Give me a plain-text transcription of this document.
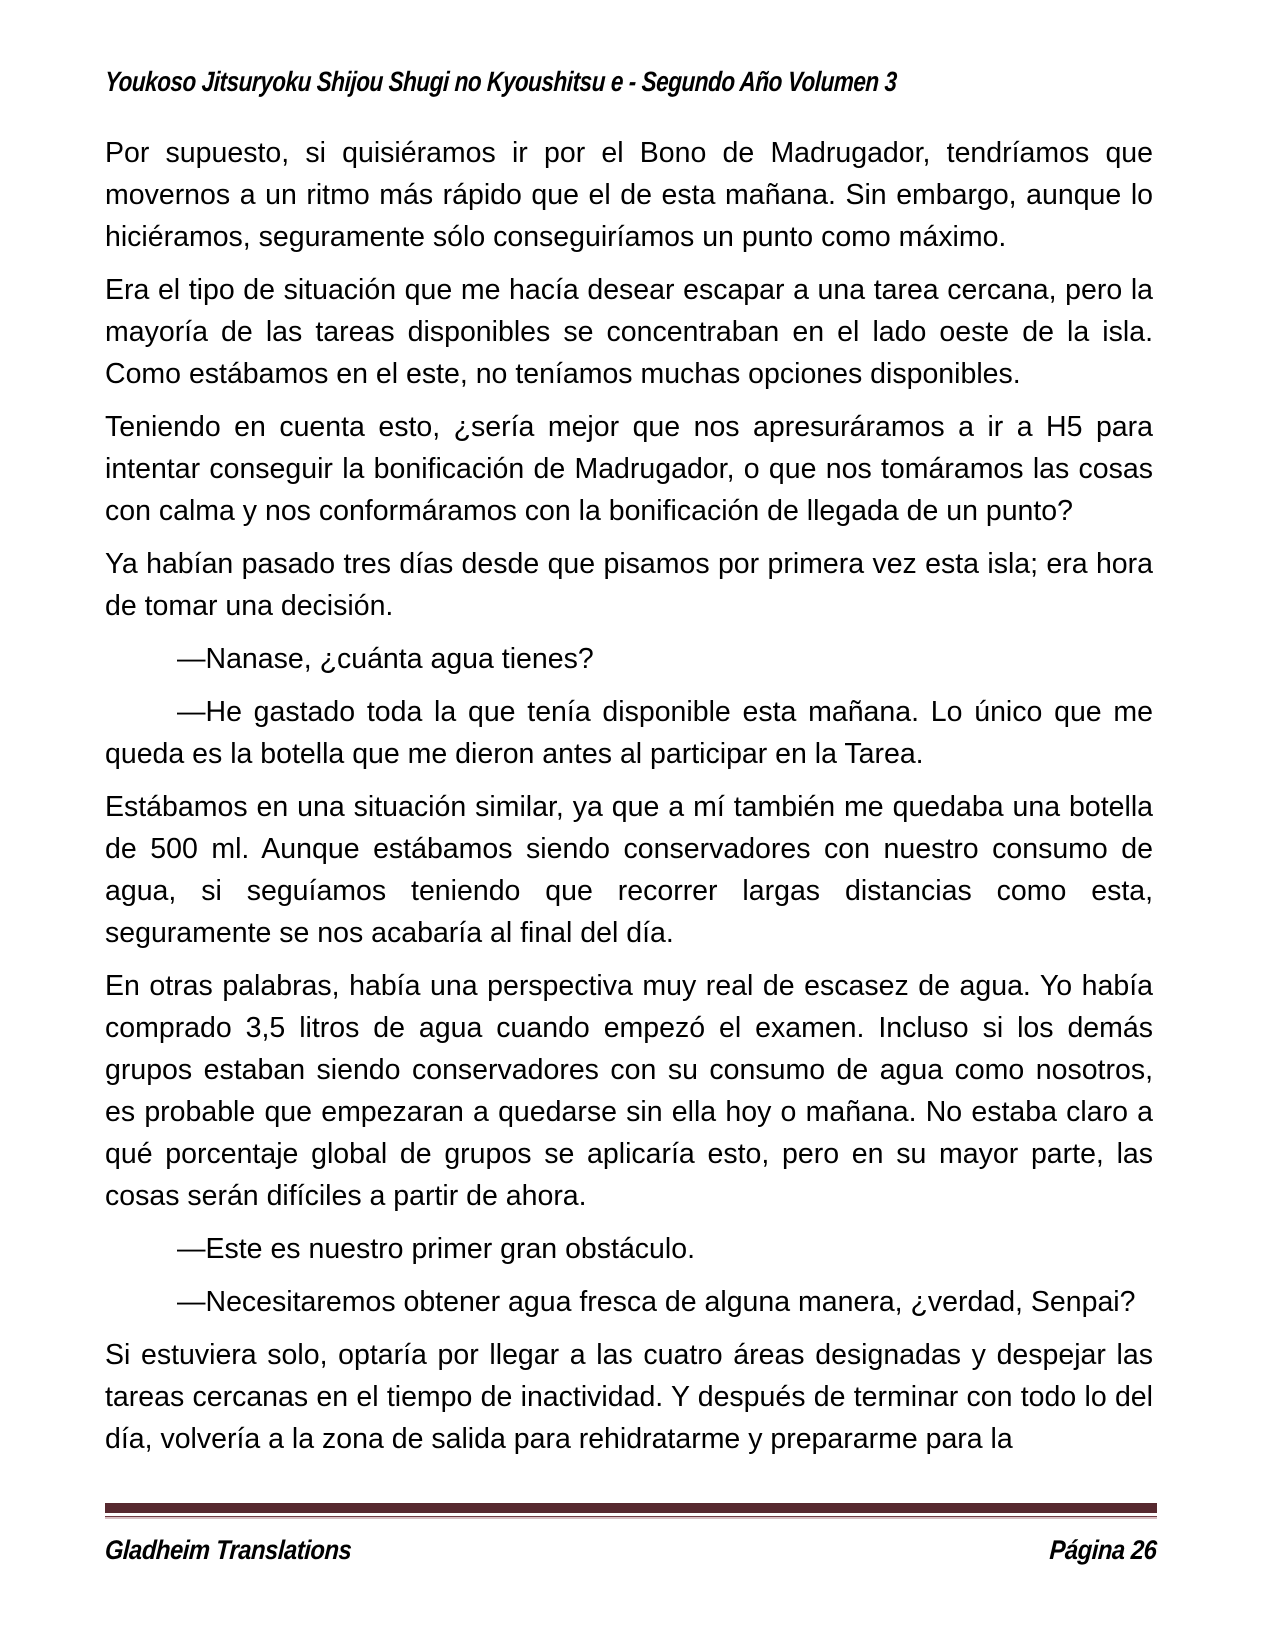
Youkoso Jitsuryoku Shijou Shugi no Kyoushitsu e - Segundo Año Volumen 3

Por supuesto, si quisiéramos ir por el Bono de Madrugador, tendríamos que movernos a un ritmo más rápido que el de esta mañana. Sin embargo, aunque lo hiciéramos, seguramente sólo conseguiríamos un punto como máximo.

Era el tipo de situación que me hacía desear escapar a una tarea cercana, pero la mayoría de las tareas disponibles se concentraban en el lado oeste de la isla. Como estábamos en el este, no teníamos muchas opciones disponibles.

Teniendo en cuenta esto, ¿sería mejor que nos apresuráramos a ir a H5 para intentar conseguir la bonificación de Madrugador, o que nos tomáramos las cosas con calma y nos conformáramos con la bonificación de llegada de un punto?

Ya habían pasado tres días desde que pisamos por primera vez esta isla; era hora de tomar una decisión.

—Nanase, ¿cuánta agua tienes?

—He gastado toda la que tenía disponible esta mañana. Lo único que me queda es la botella que me dieron antes al participar en la Tarea.

Estábamos en una situación similar, ya que a mí también me quedaba una botella de 500 ml. Aunque estábamos siendo conservadores con nuestro consumo de agua, si seguíamos teniendo que recorrer largas distancias como esta, seguramente se nos acabaría al final del día.

En otras palabras, había una perspectiva muy real de escasez de agua. Yo había comprado 3,5 litros de agua cuando empezó el examen. Incluso si los demás grupos estaban siendo conservadores con su consumo de agua como nosotros, es probable que empezaran a quedarse sin ella hoy o mañana. No estaba claro a qué porcentaje global de grupos se aplicaría esto, pero en su mayor parte, las cosas serán difíciles a partir de ahora.

—Este es nuestro primer gran obstáculo.

—Necesitaremos obtener agua fresca de alguna manera, ¿verdad, Senpai?

Si estuviera solo, optaría por llegar a las cuatro áreas designadas y despejar las tareas cercanas en el tiempo de inactividad. Y después de terminar con todo lo del día, volvería a la zona de salida para rehidratarme y prepararme para la

Gladheim Translations	Página 26
